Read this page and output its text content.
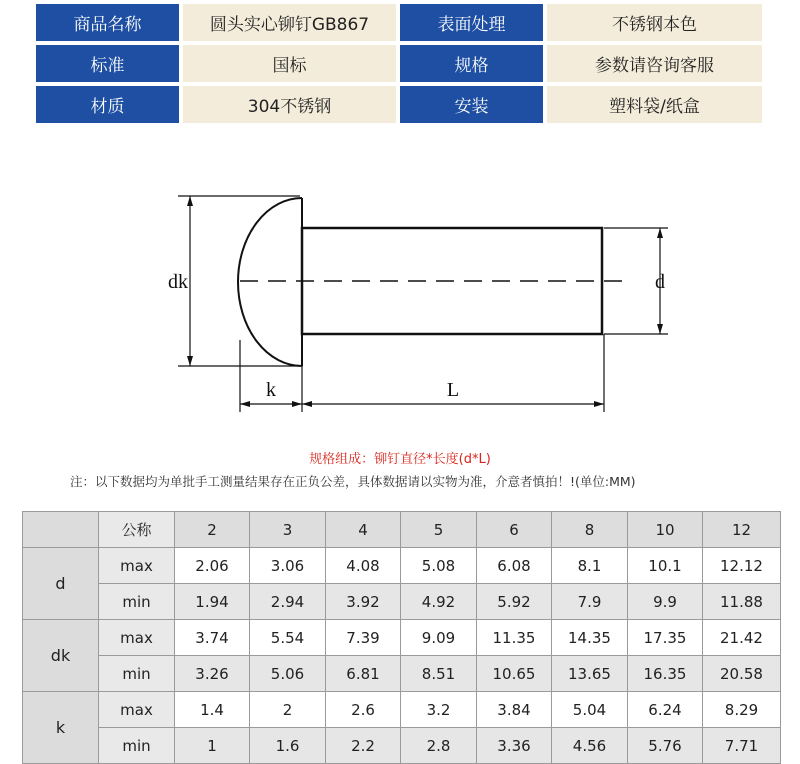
商品名称	圆头实心铆钉GB867	表面处理	不锈钢本色
标准	国标	规格	参数请咨询客服
材质	304不锈钢	安装	塑料袋/纸盒
dk	d
k	L
规格组成：铆钉直径*长度(d*L)
注：以下数据均为单批手工测量结果存在正负公差，具体数据请以实物为准，介意者慎拍！!(单位:MM)
	公称	2	3	4	5	6	8	10	12
d	max	2.06	3.06	4.08	5.08	6.08	8.1	10.1	12.12
	min	1.94	2.94	3.92	4.92	5.92	7.9	9.9	11.88
dk	max	3.74	5.54	7.39	9.09	11.35	14.35	17.35	21.42
	min	3.26	5.06	6.81	8.51	10.65	13.65	16.35	20.58
k	max	1.4	2	2.6	3.2	3.84	5.04	6.24	8.29
	min	1	1.6	2.2	2.8	3.36	4.56	5.76	7.71
